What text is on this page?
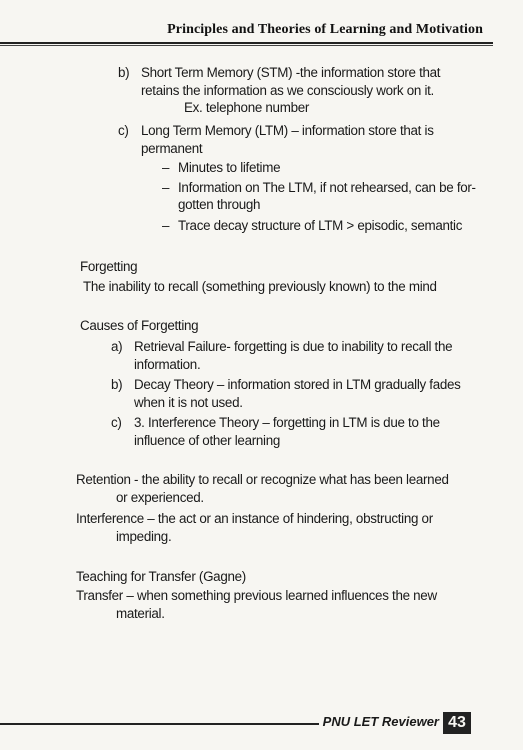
Principles and Theories of Learning and Motivation
b) Short Term Memory (STM) -the information store that
retains the information as we consciously work on it.
Ex. telephone number
c) Long Term Memory (LTM) – information store that is
permanent
– Minutes to lifetime
– Information on The LTM, if not rehearsed, can be for-
gotten through
– Trace decay structure of LTM > episodic, semantic
Forgetting
The inability to recall (something previously known) to the mind
Causes of Forgetting
a) Retrieval Failure- forgetting is due to inability to recall the
information.
b) Decay Theory – information stored in LTM gradually fades
when it is not used.
c) 3. Interference Theory – forgetting in LTM is due to the
influence of other learning
Retention - the ability to recall or recognize what has been learned
or experienced.
Interference – the act or an instance of hindering, obstructing or
impeding.
Teaching for Transfer (Gagne)
Transfer – when something previous learned influences the new
material.
PNU LET Reviewer 43
